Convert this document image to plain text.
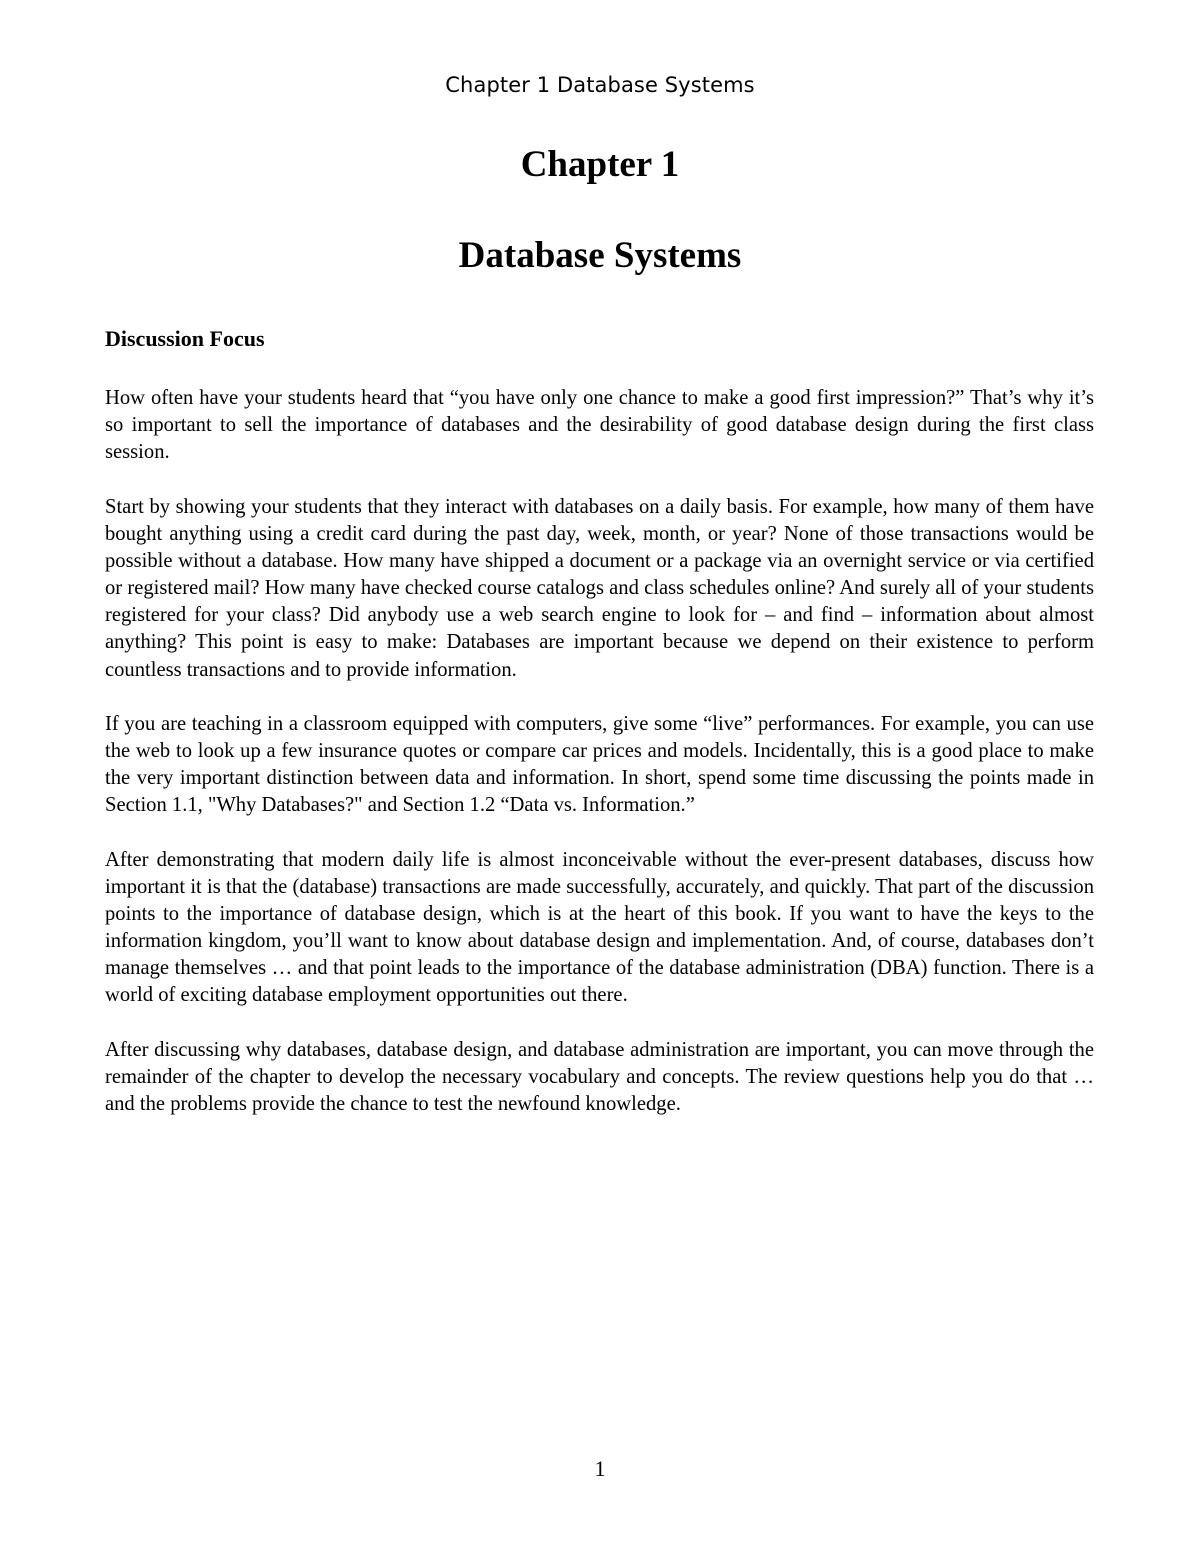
Chapter 1 Database Systems
Chapter 1
Database Systems
Discussion Focus

How often have your students heard that “you have only one chance to make a good first impression?” That’s why it’s so important to sell the importance of databases and the desirability of good database design during the first class session.

Start by showing your students that they interact with databases on a daily basis. For example, how many of them have bought anything using a credit card during the past day, week, month, or year? None of those transactions would be possible without a database. How many have shipped a document or a package via an overnight service or via certified or registered mail? How many have checked course catalogs and class schedules online? And surely all of your students registered for your class? Did anybody use a web search engine to look for – and find – information about almost anything? This point is easy to make: Databases are important because we depend on their existence to perform countless transactions and to provide information.

If you are teaching in a classroom equipped with computers, give some “live” performances. For example, you can use the web to look up a few insurance quotes or compare car prices and models. Incidentally, this is a good place to make the very important distinction between data and information. In short, spend some time discussing the points made in Section 1.1, "Why Databases?" and Section 1.2 “Data vs. Information.”

After demonstrating that modern daily life is almost inconceivable without the ever-present databases, discuss how important it is that the (database) transactions are made successfully, accurately, and quickly. That part of the discussion points to the importance of database design, which is at the heart of this book. If you want to have the keys to the information kingdom, you’ll want to know about database design and implementation. And, of course, databases don’t manage themselves … and that point leads to the importance of the database administration (DBA) function. There is a world of exciting database employment opportunities out there.

After discussing why databases, database design, and database administration are important, you can move through the remainder of the chapter to develop the necessary vocabulary and concepts. The review questions help you do that … and the problems provide the chance to test the newfound knowledge.

1
